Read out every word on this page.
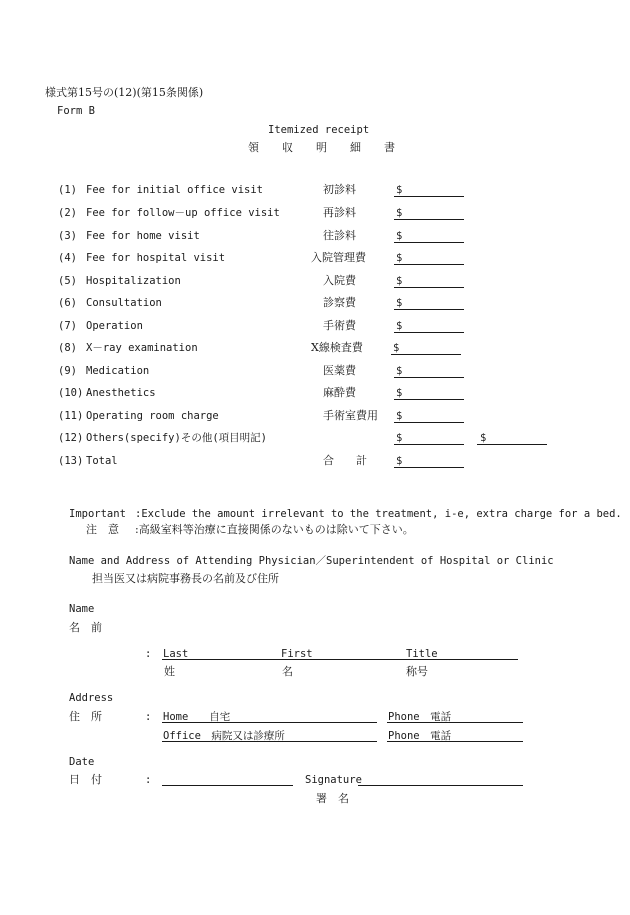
様式第15号の(12)(第15条関係)
Form B
Itemized receipt
領　収　明　細　書
(1) Fee for initial office visit	初診料	$
(2) Fee for follow－up office visit	再診料	$
(3) Fee for home visit	往診料	$
(4) Fee for hospital visit	入院管理費	$
(5) Hospitalization	入院費	$
(6) Consultation	診察費	$
(7) Operation	手術費	$
(8) X－ray examination	X線検査費	$
(9) Medication	医薬費	$
(10) Anesthetics	麻酔費	$
(11) Operating room charge	手術室費用 $
(12) Others(specify)その他(項目明記)	$	$
(13) Total	合　　計	$
Important :Exclude the amount irrelevant to the treatment, i-e, extra charge for a bed.
注　意 :高級室料等治療に直接関係のないものは除いて下さい。
Name and Address of Attending Physician／Superintendent of Hospital or Clinic
担当医又は病院事務長の名前及び住所
Name
名　前
: Last	First	Title
姓	名	称号
Address
住　所	: Home　　自宅	Phone　電話
Office　病院又は診療所	Phone　電話
Date
日　付	:	Signature
署　名
